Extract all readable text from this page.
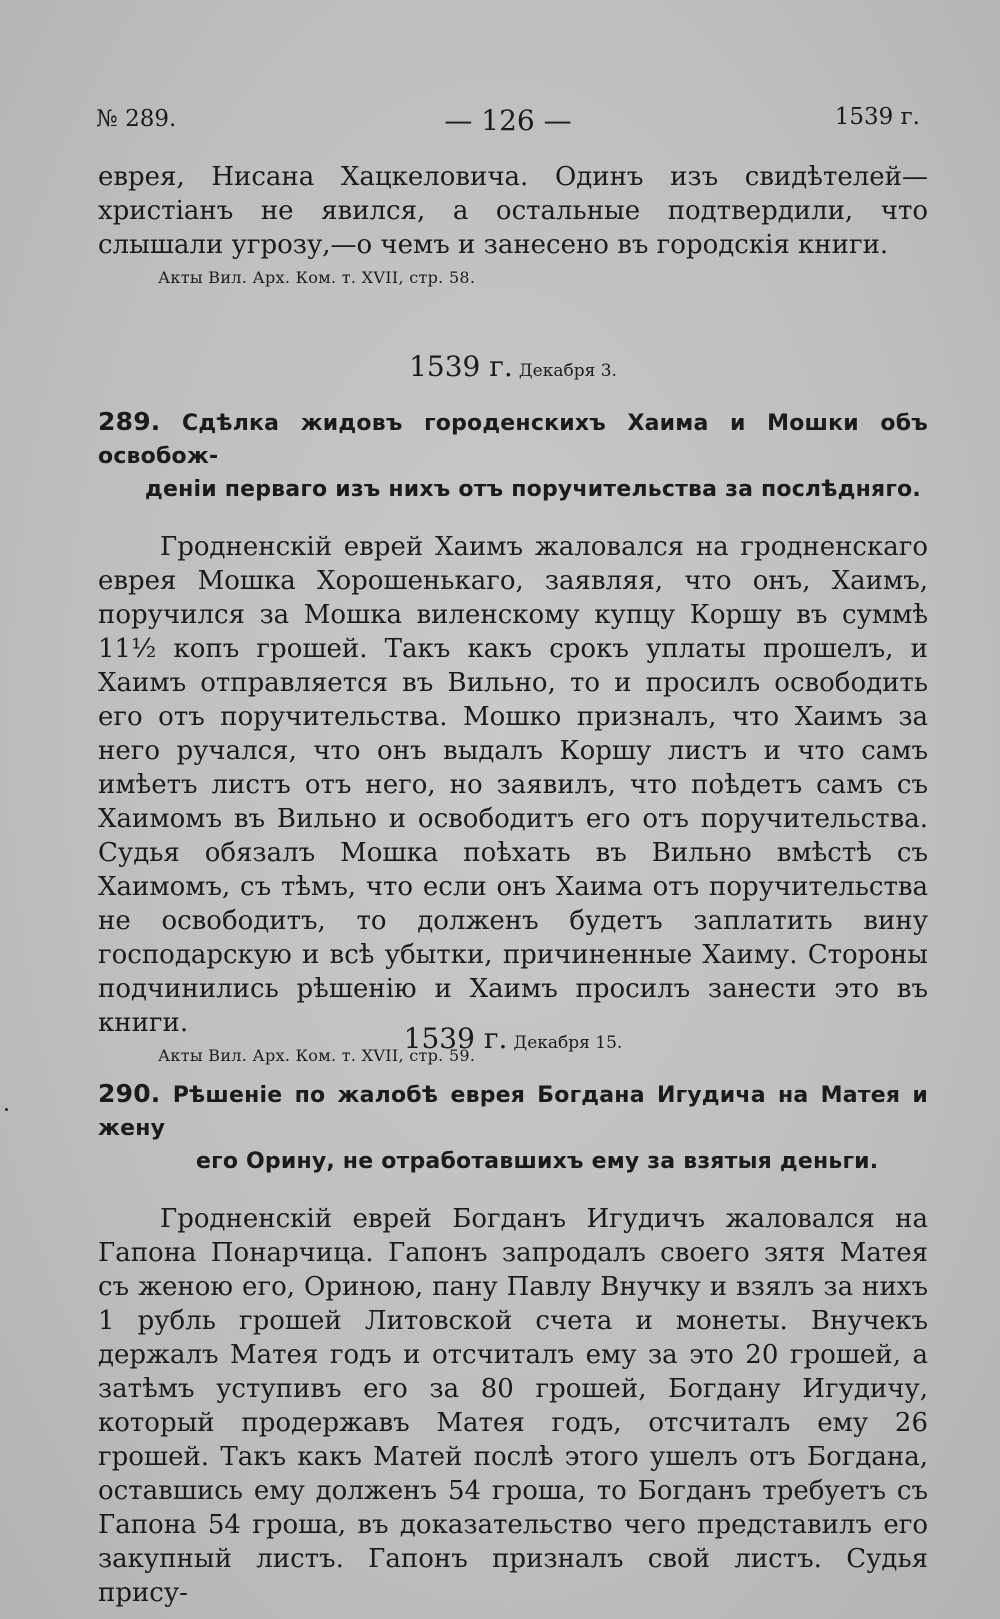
№ 289.	— 126 —	1539 г.
еврея, Нисана Хацкеловича. Одинъ изъ свидѣтелей—христіанъ не явился, а остальные подтвердили, что слышали угрозу,—о чемъ и занесено въ городскія книги.
Акты Вил. Арх. Ком. т. XVII, стр. 58.
1539 г. Декабря 3.
289. Сдѣлка жидовъ городенскихъ Хаима и Мошки объ освобож-
деніи перваго изъ нихъ отъ поручительства за послѣдняго.
Гродненскій еврей Хаимъ жаловался на гродненскаго еврея Мошка Хорошенькаго, заявляя, что онъ, Хаимъ, поручился за Мошка виленскому купцу Коршу въ суммѣ 11½ копъ грошей. Такъ какъ срокъ уплаты прошелъ, и Хаимъ отправляется въ Вильно, то и просилъ освободить его отъ поручительства. Мошко призналъ, что Хаимъ за него ручался, что онъ выдалъ Коршу листъ и что самъ имѣетъ листъ отъ него, но заявилъ, что поѣдетъ самъ съ Хаимомъ въ Вильно и освободитъ его отъ поручительства. Судья обязалъ Мошка поѣхать въ Вильно вмѣстѣ съ Хаимомъ, съ тѣмъ, что если онъ Хаима отъ поручительства не освободитъ, то долженъ будетъ заплатить вину господарскую и всѣ убытки, причиненные Хаиму. Стороны подчинились рѣшенію и Хаимъ просилъ занести это въ книги.
Акты Вил. Арх. Ком. т. XVII, стр. 59.
1539 г. Декабря 15.
290. Рѣшеніе по жалобѣ еврея Богдана Игудича на Матея и жену
его Орину, не отработавшихъ ему за взятыя деньги.
Гродненскій еврей Богданъ Игудичъ жаловался на Гапона Понарчица. Гапонъ запродалъ своего зятя Матея съ женою его, Ориною, пану Павлу Внучку и взялъ за нихъ 1 рубль грошей Литовской счета и монеты. Внучекъ держалъ Матея годъ и отсчиталъ ему за это 20 грошей, а затѣмъ уступивъ его за 80 грошей, Богдану Игудичу, который продержавъ Матея годъ, отсчиталъ ему 26 грошей. Такъ какъ Матей послѣ этого ушелъ отъ Богдана, оставшись ему долженъ 54 гроша, то Богданъ требуетъ съ Гапона 54 гроша, въ доказательство чего представилъ его закупный листъ. Гапонъ призналъ свой листъ. Судья прису-
